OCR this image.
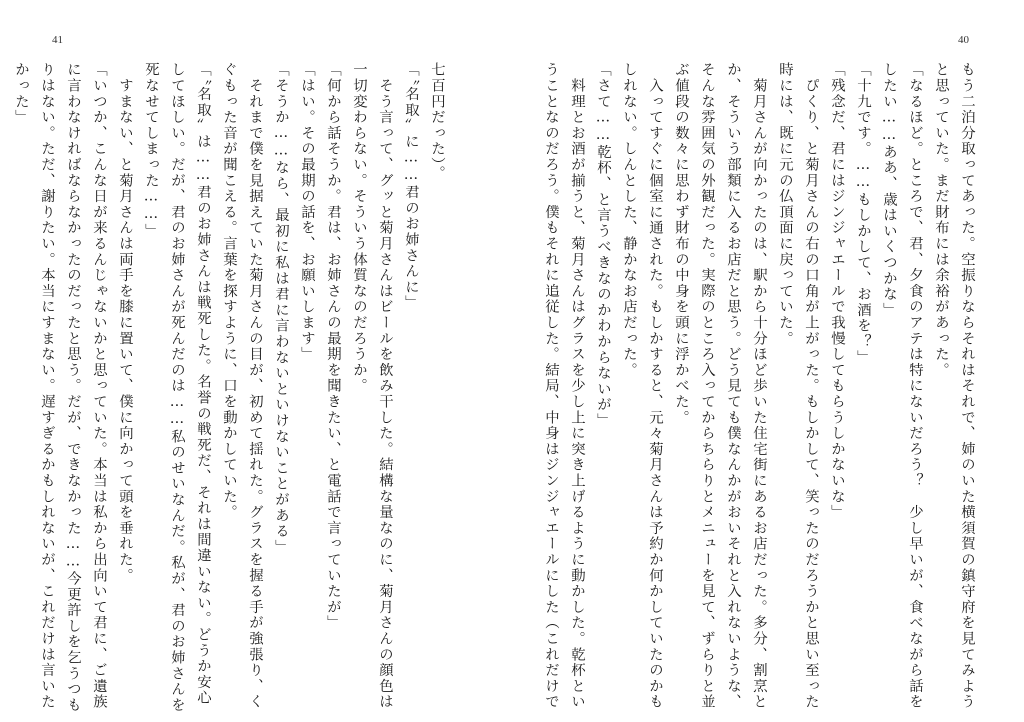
41	40
もう二泊分取ってあった。空振りならそれはそれで、姉のいた横須賀の鎮守府を見てみよう
と思っていた。まだ財布には余裕があった。
「なるほど。ところで、君、夕食のアテは特にないだろう？　少し早いが、食べながら話を
したい……ああ、歳はいくつかな」
「十九です。……もしかして、お酒を？」
「残念だ、君にはジンジャエールで我慢してもらうしかないな」
　ぴくり、と菊月さんの右の口角が上がった。もしかして、笑ったのだろうかと思い至った
時には、既に元の仏頂面に戻っていた。
　菊月さんが向かったのは、駅から十分ほど歩いた住宅街にあるお店だった。多分、割烹と
か、そういう部類に入るお店だと思う。どう見ても僕なんかがおいそれと入れないような、
そんな雰囲気の外観だった。実際のところ入ってからちらりとメニューを見て、ずらりと並
ぶ値段の数々に思わず財布の中身を頭に浮かべた。
　入ってすぐに個室に通された。もしかすると、元々菊月さんは予約か何かしていたのかも
しれない。しんとした、静かなお店だった。
「さて……乾杯、と言うべきなのかわからないが」
　料理とお酒が揃うと、菊月さんはグラスを少し上に突き上げるように動かした。乾杯とい
うことなのだろう。僕もそれに追従した。結局、中身はジンジャエールにした（これだけで
七百円だった）。
「〝名取〟に……君のお姉さんに」
　そう言って、グッと菊月さんはビールを飲み干した。結構な量なのに、菊月さんの顔色は
一切変わらない。そういう体質なのだろうか。
「何から話そうか。君は、お姉さんの最期を聞きたい、と電話で言っていたが」
「はい。その最期の話を、お願いします」
「そうか……なら、最初に私は君に言わないといけないことがある」
　それまで僕を見据えていた菊月さんの目が、初めて揺れた。グラスを握る手が強張り、く
ぐもった音が聞こえる。言葉を探すように、口を動かしていた。
「〝名取〟は……君のお姉さんは戦死した。名誉の戦死だ、それは間違いない。どうか安心
してほしい。だが、君のお姉さんが死んだのは……私のせいなんだ。私が、君のお姉さんを
死なせてしまった……」
　すまない、と菊月さんは両手を膝に置いて、僕に向かって頭を垂れた。
「いつか、こんな日が来るんじゃないかと思っていた。本当は私から出向いて君に、ご遺族
に言わなければならなかったのだったと思う。だが、できなかった……今更許しを乞うつも
りはない。ただ、謝りたい。本当にすまない。遅すぎるかもしれないが、これだけは言いた
かった」
